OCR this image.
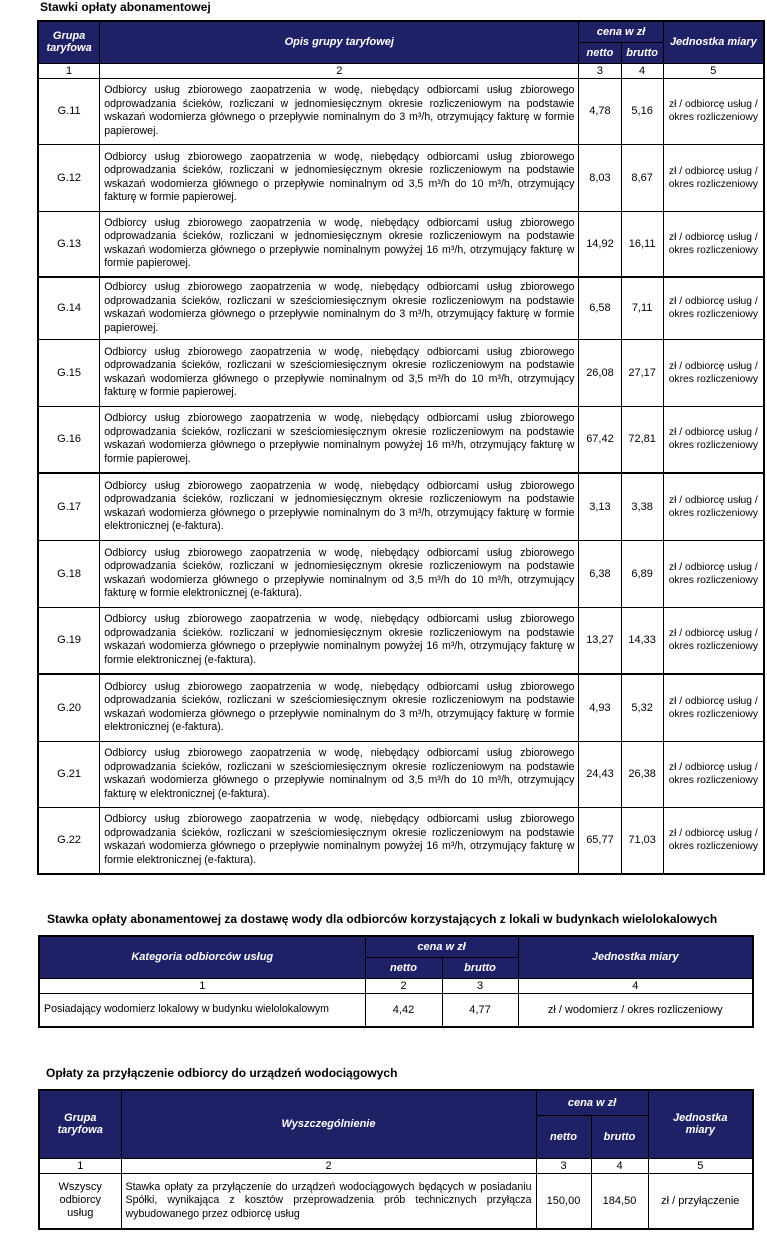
Stawki opłaty abonamentowej
Grupa taryfowa	Opis grupy taryfowej	cena w zł		Jednostka miary
		netto	brutto	
1	2	3	4	5
G.11	Odbiorcy usług zbiorowego zaopatrzenia w wodę, niebędący odbiorcami usług zbiorowego odprowadzania ścieków, rozliczani w jednomiesięcznym okresie rozliczeniowym na podstawie wskazań wodomierza głównego o przepływie nominalnym do 3 m³/h, otrzymujący fakturę w formie papierowej.	4,78	5,16	zł / odbiorcę usług / okres rozliczeniowy
G.12	Odbiorcy usług zbiorowego zaopatrzenia w wodę, niebędący odbiorcami usług zbiorowego odprowadzania ścieków, rozliczani w jednomiesięcznym okresie rozliczeniowym na podstawie wskazań wodomierza głównego o przepływie nominalnym od 3,5 m³/h do 10 m³/h, otrzymujący fakturę w formie papierowej.	8,03	8,67	zł / odbiorcę usług / okres rozliczeniowy
G.13	Odbiorcy usług zbiorowego zaopatrzenia w wodę, niebędący odbiorcami usług zbiorowego odprowadzania ścieków, rozliczani w jednomiesięcznym okresie rozliczeniowym na podstawie wskazań wodomierza głównego o przepływie nominalnym powyżej 16 m³/h, otrzymujący fakturę w formie papierowej.	14,92	16,11	zł / odbiorcę usług / okres rozliczeniowy
G.14	Odbiorcy usług zbiorowego zaopatrzenia w wodę, niebędący odbiorcami usług zbiorowego odprowadzania ścieków, rozliczani w sześciomiesięcznym okresie rozliczeniowym na podstawie wskazań wodomierza głównego o przepływie nominalnym do 3 m³/h, otrzymujący fakturę w formie papierowej.	6,58	7,11	zł / odbiorcę usług / okres rozliczeniowy
G.15	Odbiorcy usług zbiorowego zaopatrzenia w wodę, niebędący odbiorcami usług zbiorowego odprowadzania ścieków, rozliczani w sześciomiesięcznym okresie rozliczeniowym na podstawie wskazań wodomierza głównego o przepływie nominalnym od 3,5 m³/h do 10 m³/h, otrzymujący fakturę w formie papierowej.	26,08	27,17	zł / odbiorcę usług / okres rozliczeniowy
G.16	Odbiorcy usług zbiorowego zaopatrzenia w wodę, niebędący odbiorcami usług zbiorowego odprowadzania ścieków, rozliczani w sześciomiesięcznym okresie rozliczeniowym na podstawie wskazań wodomierza głównego o przepływie nominalnym powyżej 16 m³/h, otrzymujący fakturę w formie papierowej.	67,42	72,81	zł / odbiorcę usług / okres rozliczeniowy
G.17	Odbiorcy usług zbiorowego zaopatrzenia w wodę, niebędący odbiorcami usług zbiorowego odprowadzania ścieków, rozliczani w jednomiesięcznym okresie rozliczeniowym na podstawie wskazań wodomierza głównego o przepływie nominalnym do 3 m³/h, otrzymujący fakturę w formie elektronicznej (e-faktura).	3,13	3,38	zł / odbiorcę usług / okres rozliczeniowy
G.18	Odbiorcy usług zbiorowego zaopatrzenia w wodę, niebędący odbiorcami usług zbiorowego odprowadzania ścieków, rozliczani w jednomiesięcznym okresie rozliczeniowym na podstawie wskazań wodomierza głównego o przepływie nominalnym od 3,5 m³/h do 10 m³/h, otrzymujący fakturę w formie elektronicznej (e-faktura).	6,38	6,89	zł / odbiorcę usług / okres rozliczeniowy
G.19	Odbiorcy usług zbiorowego zaopatrzenia w wodę, niebędący odbiorcami usług zbiorowego odprowadzania ścieków. rozliczani w jednomiesięcznym okresie rozliczeniowym na podstawie wskazań wodomierza głównego o przepływie nominalnym powyżej 16 m³/h, otrzymujący fakturę w formie elektronicznej (e-faktura).	13,27	14,33	zł / odbiorcę usług / okres rozliczeniowy
G.20	Odbiorcy usług zbiorowego zaopatrzenia w wodę, niebędący odbiorcami usług zbiorowego odprowadzania ścieków, rozliczani w sześciomiesięcznym okresie rozliczeniowym na podstawie wskazań wodomierza głównego o przepływie nominalnym do 3 m³/h, otrzymujący fakturę w formie elektronicznej (e-faktura).	4,93	5,32	zł / odbiorcę usług / okres rozliczeniowy
G.21	Odbiorcy usług zbiorowego zaopatrzenia w wodę, niebędący odbiorcami usług zbiorowego odprowadzania ścieków, rozliczani w sześciomiesięcznym okresie rozliczeniowym na podstawie wskazań wodomierza głównego o przepływie nominalnym od 3,5 m³/h do 10 m³/h, otrzymujący fakturę w elektronicznej (e-faktura).	24,43	26,38	zł / odbiorcę usług / okres rozliczeniowy
G.22	Odbiorcy usług zbiorowego zaopatrzenia w wodę, niebędący odbiorcami usług zbiorowego odprowadzania ścieków, rozliczani w sześciomiesięcznym okresie rozliczeniowym na podstawie wskazań wodomierza głównego o przepływie nominalnym powyżej 16 m³/h, otrzymujący fakturę w formie elektronicznej (e-faktura).	65,77	71,03	zł / odbiorcę usług / okres rozliczeniowy
Stawka opłaty abonamentowej za dostawę wody dla odbiorców korzystających z lokali w budynkach wielolokalowych
Kategoria odbiorców usług	cena w zł		Jednostka miary
	netto	brutto	
1	2	3	4
Posiadający wodomierz lokalowy w budynku wielolokalowym	4,42	4,77	zł / wodomierz / okres rozliczeniowy
Opłaty za przyłączenie odbiorcy do urządzeń wodociągowych
Grupa taryfowa	Wyszczególnienie	cena w zł		Jednostka miary
		netto	brutto	
1	2	3	4	5
Wszyscy odbiorcy usług	Stawka opłaty za przyłączenie do urządzeń wodociągowych będących w posiadaniu Spółki, wynikająca z kosztów przeprowadzenia prób technicznych przyłącza wybudowanego przez odbiorcę usług	150,00	184,50	zł / przyłączenie
